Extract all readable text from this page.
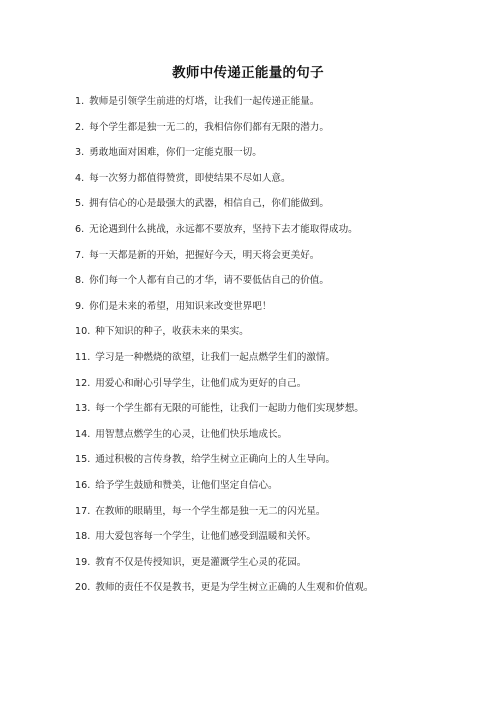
教师中传递正能量的句子
1. 教师是引领学生前进的灯塔，让我们一起传递正能量。
2. 每个学生都是独一无二的，我相信你们都有无限的潜力。
3. 勇敢地面对困难，你们一定能克服一切。
4. 每一次努力都值得赞赏，即使结果不尽如人意。
5. 拥有信心的心是最强大的武器，相信自己，你们能做到。
6. 无论遇到什么挑战，永远都不要放弃，坚持下去才能取得成功。
7. 每一天都是新的开始，把握好今天，明天将会更美好。
8. 你们每一个人都有自己的才华，请不要低估自己的价值。
9. 你们是未来的希望，用知识来改变世界吧！
10. 种下知识的种子，收获未来的果实。
11. 学习是一种燃烧的欲望，让我们一起点燃学生们的激情。
12. 用爱心和耐心引导学生，让他们成为更好的自己。
13. 每一个学生都有无限的可能性，让我们一起助力他们实现梦想。
14. 用智慧点燃学生的心灵，让他们快乐地成长。
15. 通过积极的言传身教，给学生树立正确向上的人生导向。
16. 给予学生鼓励和赞美，让他们坚定自信心。
17. 在教师的眼睛里，每一个学生都是独一无二的闪光星。
18. 用大爱包容每一个学生，让他们感受到温暖和关怀。
19. 教育不仅是传授知识，更是灌溉学生心灵的花园。
20. 教师的责任不仅是教书，更是为学生树立正确的人生观和价值观。
